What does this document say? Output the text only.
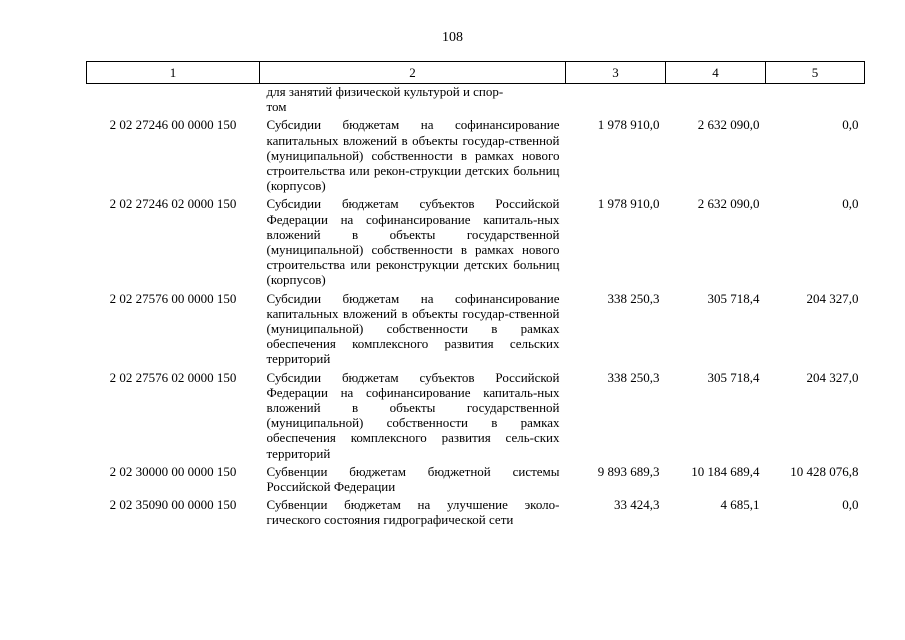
108
1	2	3	4	5
	для занятий физической культурой и спор-
том			
2 02 27246 00 0000 150	Субсидии бюджетам на софинансирование капитальных вложений в объекты государ-ственной (муниципальной) собственности в рамках нового строительства или рекон-струкции детских больниц (корпусов)	1 978 910,0	2 632 090,0	0,0
2 02 27246 02 0000 150	Субсидии бюджетам субъектов Российской Федерации на софинансирование капиталь-ных вложений в объекты государственной (муниципальной) собственности в рамках нового строительства или реконструкции детских больниц (корпусов)	1 978 910,0	2 632 090,0	0,0
2 02 27576 00 0000 150	Субсидии бюджетам на софинансирование капитальных вложений в объекты государ-ственной (муниципальной) собственности в рамках обеспечения комплексного развития сельских территорий	338 250,3	305 718,4	204 327,0
2 02 27576 02 0000 150	Субсидии бюджетам субъектов Российской Федерации на софинансирование капиталь-ных вложений в объекты государственной (муниципальной) собственности в рамках обеспечения комплексного развития сель-ских территорий	338 250,3	305 718,4	204 327,0
2 02 30000 00 0000 150	Субвенции бюджетам бюджетной системы Российской Федерации	9 893 689,3	10 184 689,4	10 428 076,8
2 02 35090 00 0000 150	Субвенции бюджетам на улучшение эколо-гического состояния гидрографической сети	33 424,3	4 685,1	0,0
